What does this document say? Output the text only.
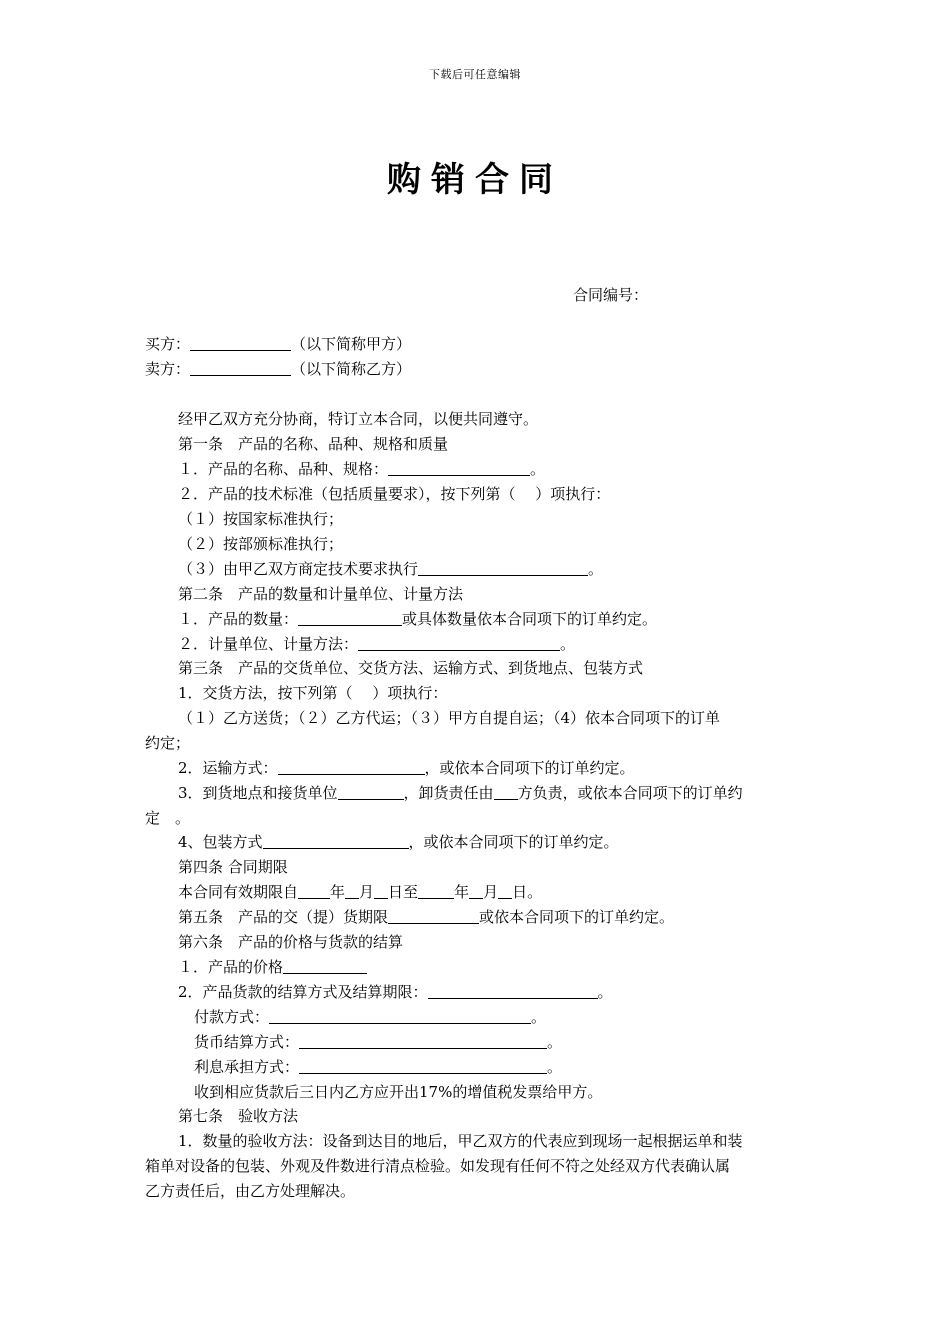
下载后可任意编辑
购销合同
合同编号：
买方：	（以下简称甲方）
卖方：	（以下简称乙方）
经甲乙双方充分协商，特订立本合同，以便共同遵守。
第一条　产品的名称、品种、规格和质量
１．产品的名称、品种、规格：	。
２．产品的技术标准（包括质量要求），按下列第（　 ）项执行：
（１）按国家标准执行；
（２）按部颁标准执行；
（３）由甲乙双方商定技术要求执行	。
第二条　产品的数量和计量单位、计量方法
１．产品的数量：	或具体数量依本合同项下的订单约定。
２．计量单位、计量方法：	。
第三条　产品的交货单位、交货方法、运输方式、到货地点、包装方式
1．交货方法，按下列第（　 ）项执行：
（１）乙方送货；（２）乙方代运；（３）甲方自提自运；（4）依本合同项下的订单
约定；
2．运输方式：	，或依本合同项下的订单约定。
3．到货地点和接货单位	，卸货责任由 方负责，或依本合同项下的订单约
定　。
4、包装方式	，或依本合同项下的订单约定。
第四条 合同期限
本合同有效期限自 年 月 日至 年 月 日。
第五条　产品的交（提）货期限	或依本合同项下的订单约定。
第六条　产品的价格与货款的结算
１．产品的价格
2．产品货款的结算方式及结算期限：	。
付款方式：	。
货币结算方式：	。
利息承担方式：	。
收到相应货款后三日内乙方应开出17%的增值税发票给甲方。
第七条　验收方法
1．数量的验收方法：设备到达目的地后，甲乙双方的代表应到现场一起根据运单和装
箱单对设备的包装、外观及件数进行清点检验。如发现有任何不符之处经双方代表确认属
乙方责任后，由乙方处理解决。
